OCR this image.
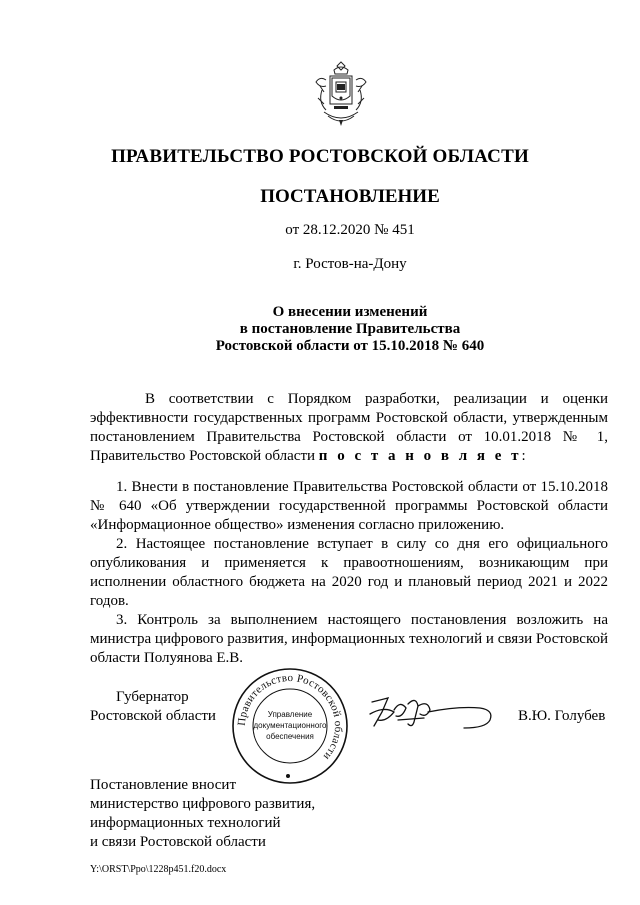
ПРАВИТЕЛЬСТВО РОСТОВСКОЙ ОБЛАСТИ
ПОСТАНОВЛЕНИЕ
от 28.12.2020 № 451
г. Ростов-на-Дону
О внесении изменений
в постановление Правительства
Ростовской области от 15.10.2018 № 640
В соответствии с Порядком разработки, реализации и оценки эффективности государственных программ Ростовской области, утвержденным постановлением Правительства Ростовской области от 10.01.2018 № 1, Правительство Ростовской области п о с т а н о в л я е т:

1. Внести в постановление Правительства Ростовской области от 15.10.2018 № 640 «Об утверждении государственной программы Ростовской области «Информационное общество» изменения согласно приложению.

2. Настоящее постановление вступает в силу со дня его официального опубликования и применяется к правоотношениям, возникающим при исполнении областного бюджета на 2020 год и плановый период 2021 и 2022 годов.

3. Контроль за выполнением настоящего постановления возложить на министра цифрового развития, информационных технологий и связи Ростовской области Полуянова Е.В.

Губернатор
Ростовской области	Правительство Ростовской области
Управление
документационного
обеспечения
В.Ю. Голубев
Постановление вносит
министерство цифрового развития,
информационных технологий
и связи Ростовской области
Y:\ORST\Ppo\1228p451.f20.docx
